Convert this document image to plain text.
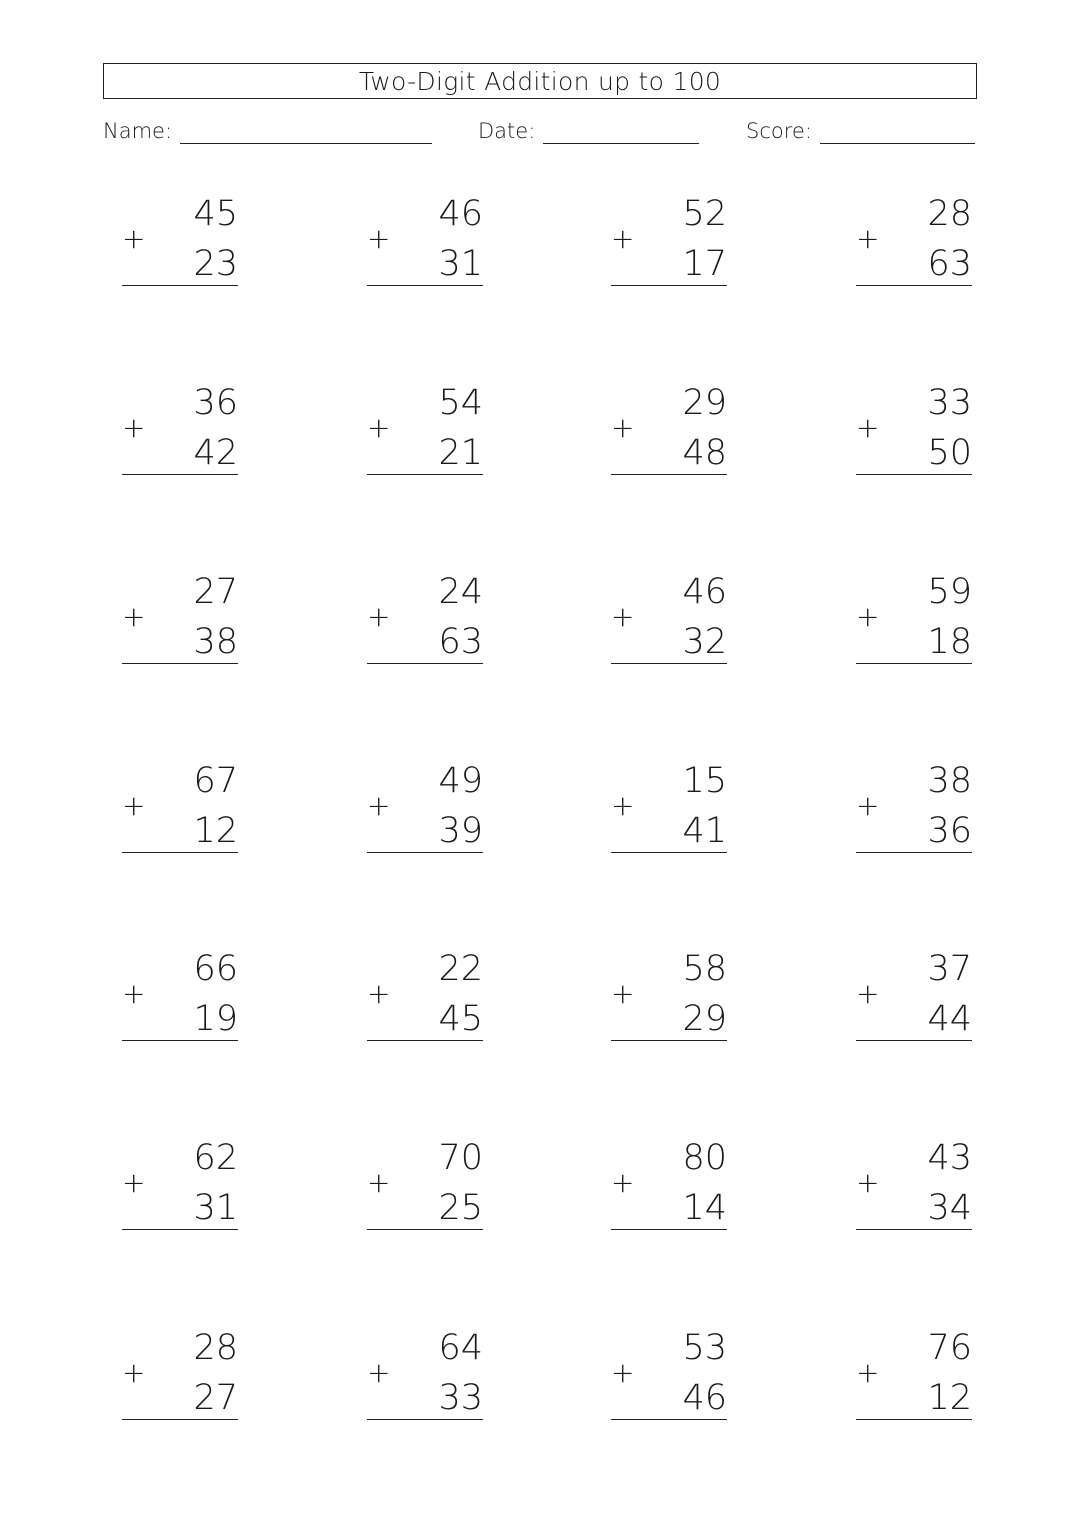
Two-Digit Addition up to 100
Name:	Date:	Score:
45
+
23
46
+
31
52
+
17
28
+
63
36
+
42
54
+
21
29
+
48
33
+
50
27
+
38
24
+
63
46
+
32
59
+
18
67
+
12
49
+
39
15
+
41
38
+
36
66
+
19
22
+
45
58
+
29
37
+
44
62
+
31
70
+
25
80
+
14
43
+
34
28
+
27
64
+
33
53
+
46
76
+
12
